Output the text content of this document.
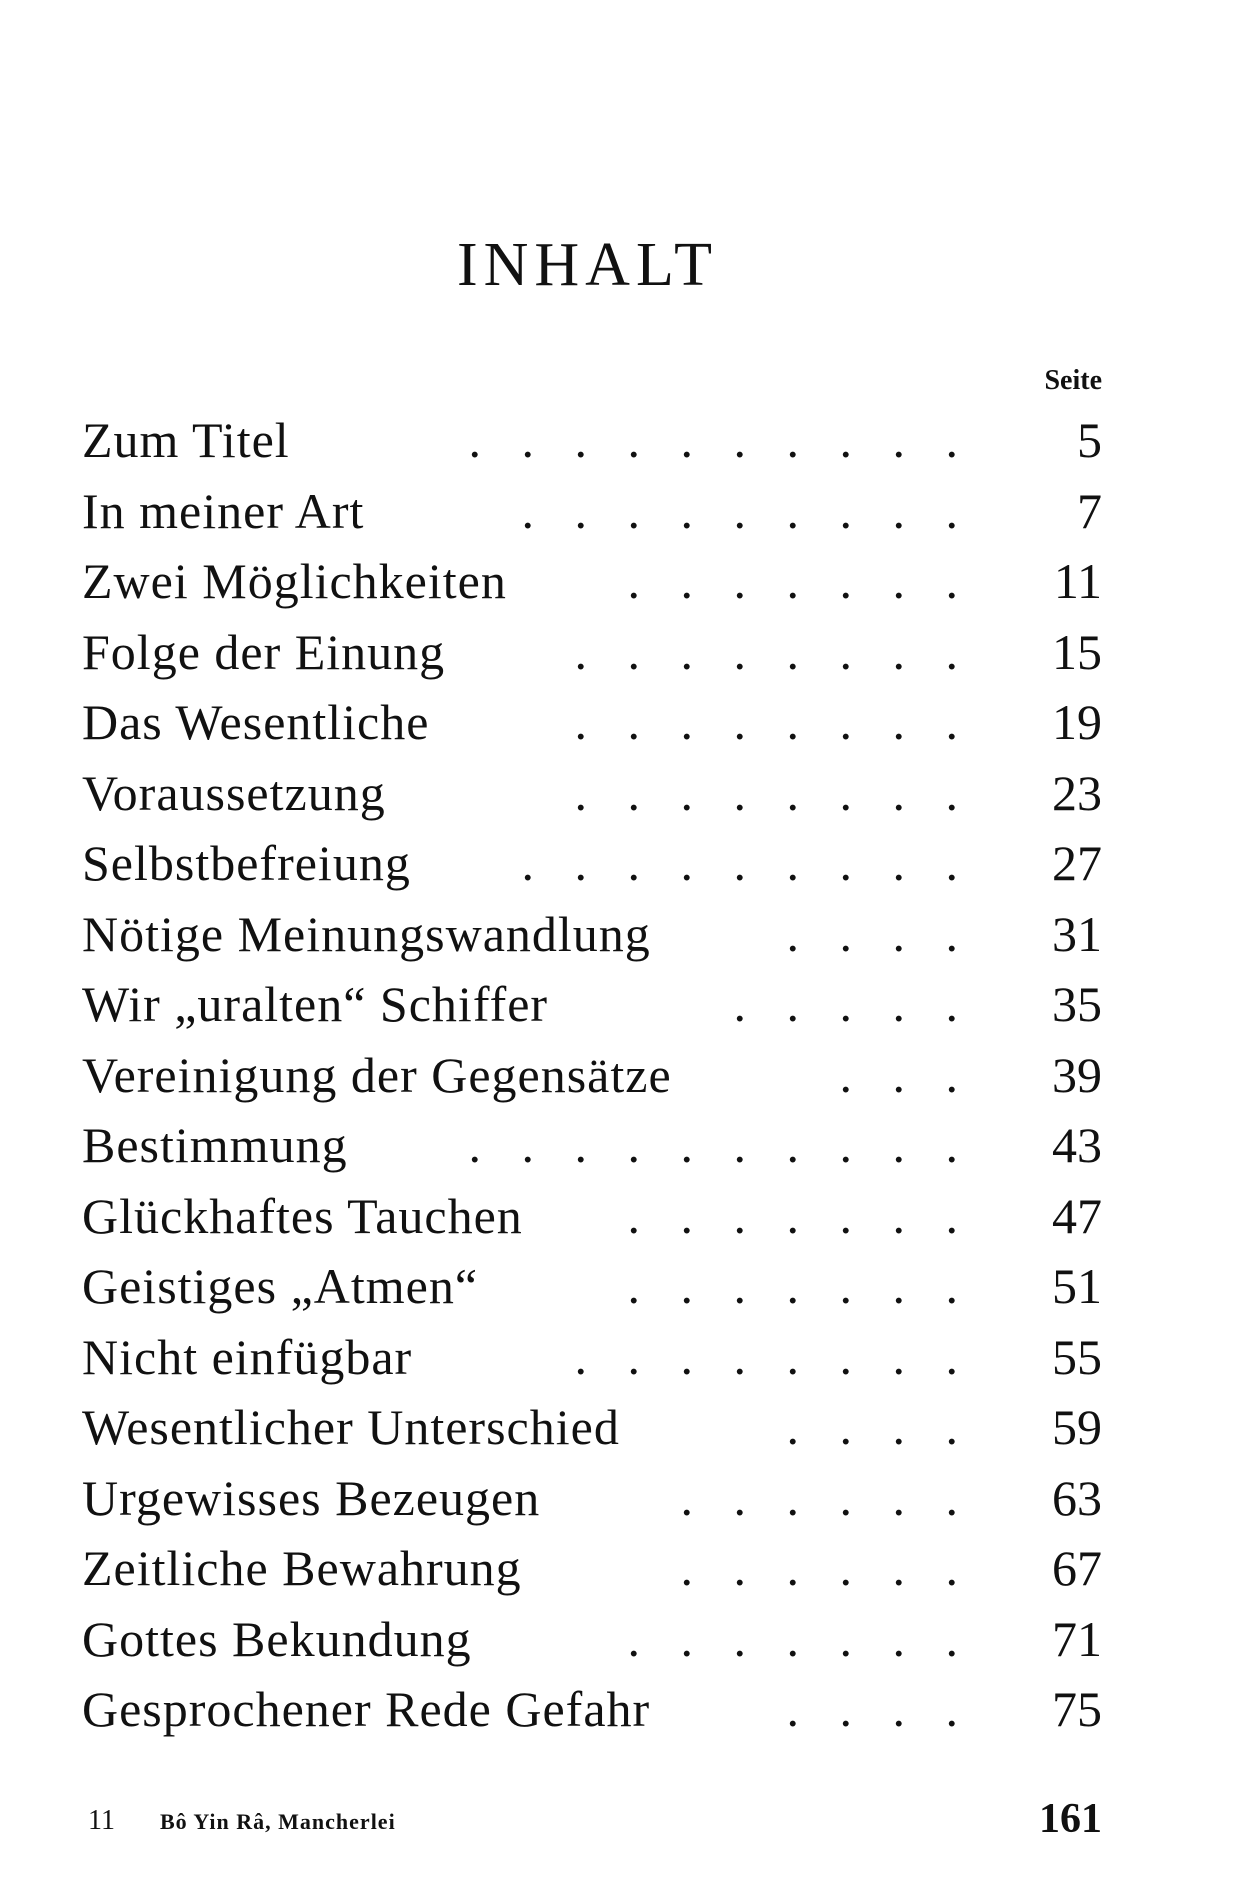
INHALT
Seite
Zum Titel	. . . . . . . . . .	5
In meiner Art	. . . . . . . . .	7
Zwei Möglichkeiten . . . . . . .	11
Folge der Einung	. . . . . . . .	15
Das Wesentliche	. . . . . . . .	19
Voraussetzung	. . . . . . . .	23
Selbstbefreiung . . . . . . . . .	27
Nötige Meinungswandlung	. . . .	31
Wir „uralten“ Schiffer	. . . . .	35
Vereinigung der Gegensätze	. . .	39
Bestimmung . . . . . . . . . .	43
Glückhaftes Tauchen . . . . . . .	47
Geistiges „Atmen“	. . . . . . .	51
Nicht einfügbar	. . . . . . . .	55
Wesentlicher Unterschied	. . . .	59
Urgewisses Bezeugen	. . . . . .	63
Zeitliche Bewahrung	. . . . . .	67
Gottes Bekundung	. . . . . . .	71
Gesprochener Rede Gefahr	. . . .	75
11 Bô Yin Râ, Mancherlei	161
